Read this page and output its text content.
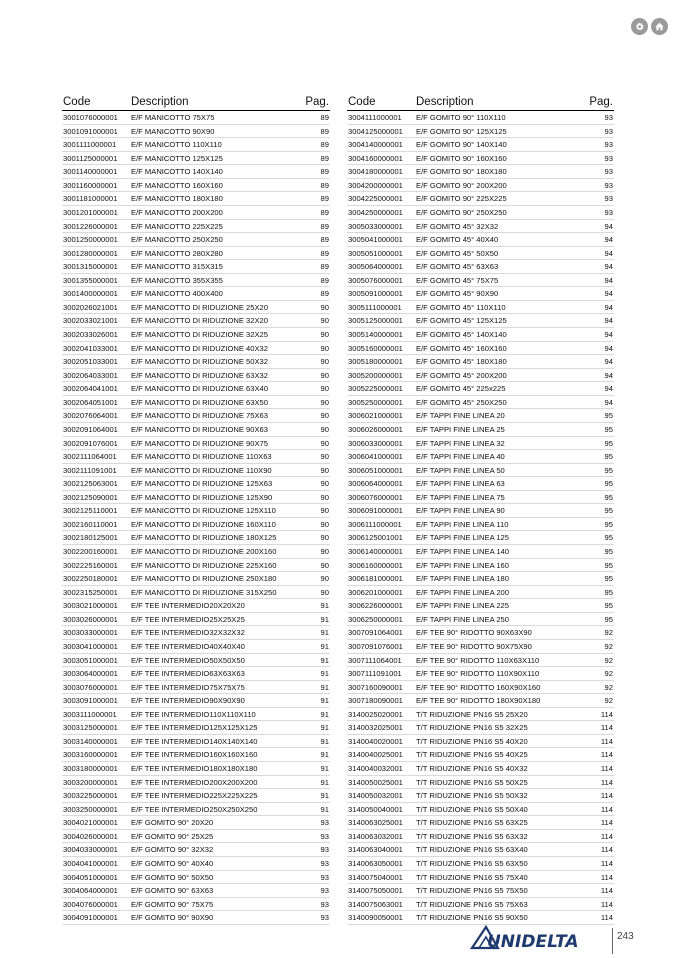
Code	Description	Pag.
3001076000001 E/F MANICOTTO 75X75	89
3001091000001 E/F MANICOTTO 90X90	89
3001111000001 E/F MANICOTTO 110X110	89
3001125000001 E/F MANICOTTO 125X125	89
3001140000001 E/F MANICOTTO 140X140	89
3001160000001 E/F MANICOTTO 160X160	89
3001181000001 E/F MANICOTTO 180X180	89
3001201000001 E/F MANICOTTO 200X200	89
3001226000001 E/F MANICOTTO 225X225	89
3001250000001 E/F MANICOTTO 250X250	89
3001280000001 E/F MANICOTTO 280X280	89
3001315000001 E/F MANICOTTO 315X315	89
3001355000001 E/F MANICOTTO 355X355	89
3001400000001 E/F MANICOTTO 400X400	89
3002026021001 E/F MANICOTTO DI RIDUZIONE 25X20	90
3002033021001 E/F MANICOTTO DI RIDUZIONE 32X20	90
3002033026001 E/F MANICOTTO DI RIDUZIONE 32X25	90
3002041033001 E/F MANICOTTO DI RIDUZIONE 40X32	90
3002051033001 E/F MANICOTTO DI RIDUZIONE 50X32	90
3002064033001 E/F MANICOTTO DI RIDUZIONE 63X32	90
3002064041001 E/F MANICOTTO DI RIDUZIONE 63X40	90
3002064051001 E/F MANICOTTO DI RIDUZIONE 63X50	90
3002076064001 E/F MANICOTTO DI RIDUZIONE 75X63	90
3002091064001 E/F MANICOTTO DI RIDUZIONE 90X63	90
3002091076001 E/F MANICOTTO DI RIDUZIONE 90X75	90
3002111064001 E/F MANICOTTO DI RIDUZIONE 110X63	90
3002111091001 E/F MANICOTTO DI RIDUZIONE 110X90	90
3002125063001 E/F MANICOTTO DI RIDUZIONE 125X63	90
3002125090001 E/F MANICOTTO DI RIDUZIONE 125X90	90
3002125110001 E/F MANICOTTO DI RIDUZIONE 125X110	90
3002160110001 E/F MANICOTTO DI RIDUZIONE 160X110	90
3002180125001 E/F MANICOTTO DI RIDUZIONE 180X125	90
3002200160001 E/F MANICOTTO DI RIDUZIONE 200X160	90
3002225160001 E/F MANICOTTO DI RIDUZIONE 225X160	90
3002250180001 E/F MANICOTTO DI RIDUZIONE 250X180	90
3002315250001 E/F MANICOTTO DI RIDUZIONE 315X250	90
3003021000001 E/F TEE INTERMEDIO20X20X20	91
3003026000001 E/F TEE INTERMEDIO25X25X25	91
3003033000001 E/F TEE INTERMEDIO32X32X32	91
3003041000001 E/F TEE INTERMEDIO40X40X40	91
3003051000001 E/F TEE INTERMEDIO50X50X50	91
3003064000001 E/F TEE INTERMEDIO63X63X63	91
3003076000001 E/F TEE INTERMEDIO75X75X75	91
3003091000001 E/F TEE INTERMEDIO90X90X90	91
3003111000001 E/F TEE INTERMEDIO110X110X110	91
3003125000001 E/F TEE INTERMEDIO125X125X125	91
3003140000001 E/F TEE INTERMEDIO140X140X140	91
3003160000001 E/F TEE INTERMEDIO160X160X160	91
3003180000001 E/F TEE INTERMEDIO180X180X180	91
3003200000001 E/F TEE INTERMEDIO200X200X200	91
3003225000001 E/F TEE INTERMEDIO225X225X225	91
3003250000001 E/F TEE INTERMEDIO250X250X250	91
3004021000001 E/F GOMITO 90° 20X20	93
3004026000001 E/F GOMITO 90° 25X25	93
3004033000001 E/F GOMITO 90° 32X32	93
3004041000001 E/F GOMITO 90° 40X40	93
3004051000001 E/F GOMITO 90° 50X50	93
3004064000001 E/F GOMITO 90° 63X63	93
3004076000001 E/F GOMITO 90° 75X75	93
3004091000001 E/F GOMITO 90° 90X90	93
Code	Description	Pag.
3004111000001 E/F GOMITO 90° 110X110	93
3004125000001 E/F GOMITO 90° 125X125	93
3004140000001 E/F GOMITO 90° 140X140	93
3004160000001 E/F GOMITO 90° 160X160	93
3004180000001 E/F GOMITO 90° 180X180	93
3004200000001 E/F GOMITO 90° 200X200	93
3004225000001 E/F GOMITO 90° 225X225	93
3004250000001 E/F GOMITO 90° 250X250	93
3005033000001 E/F GOMITO 45° 32X32	94
3005041000001 E/F GOMITO 45° 40X40	94
3005051000001 E/F GOMITO 45° 50X50	94
3005064000001 E/F GOMITO 45° 63X63	94
3005076000001 E/F GOMITO 45° 75X75	94
3005091000001 E/F GOMITO 45° 90X90	94
3005111000001 E/F GOMITO 45° 110X110	94
3005125000001 E/F GOMITO 45° 125X125	94
3005140000001 E/F GOMITO 45° 140X140	94
3005160000001 E/F GOMITO 45° 160X160	94
3005180000001 E/F GOMITO 45° 180X180	94
3005200000001 E/F GOMITO 45° 200X200	94
3005225000001 E/F GOMITO 45° 225x225	94
3005250000001 E/F GOMITO 45° 250X250	94
3006021000001 E/F TAPPI FINE LINEA 20	95
3006026000001 E/F TAPPI FINE LINEA 25	95
3006033000001 E/F TAPPI FINE LINEA 32	95
3006041000001 E/F TAPPI FINE LINEA 40	95
3006051000001 E/F TAPPI FINE LINEA 50	95
3006064000001 E/F TAPPI FINE LINEA 63	95
3006076000001 E/F TAPPI FINE LINEA 75	95
3006091000001 E/F TAPPI FINE LINEA 90	95
3006111000001 E/F TAPPI FINE LINEA 110	95
3006125001001 E/F TAPPI FINE LINEA 125	95
3006140000001 E/F TAPPI FINE LINEA 140	95
3006160000001 E/F TAPPI FINE LINEA 160	95
3006181000001 E/F TAPPI FINE LINEA 180	95
3006201000001 E/F TAPPI FINE LINEA 200	95
3006226000001 E/F TAPPI FINE LINEA 225	95
3006250000001 E/F TAPPI FINE LINEA 250	95
3007091064001 E/F TEE 90° RIDOTTO 90X63X90	92
3007091076001 E/F TEE 90° RIDOTTO 90X75X90	92
3007111064001 E/F TEE 90° RIDOTTO 110X63X110	92
3007111091001 E/F TEE 90° RIDOTTO 110X90X110	92
3007160090001 E/F TEE 90° RIDOTTO 160X90X160	92
3007180090001 E/F TEE 90° RIDOTTO 180X90X180	92
3140025020001 T/T RIDUZIONE PN16 S5 25X20	114
3140032025001 T/T RIDUZIONE PN16 S5 32X25	114
3140040020001 T/T RIDUZIONE PN16 S5 40X20	114
3140040025001 T/T RIDUZIONE PN16 S5 40X25	114
3140040032001 T/T RIDUZIONE PN16 S5 40X32	114
3140050025001 T/T RIDUZIONE PN16 S5 50X25	114
3140050032001 T/T RIDUZIONE PN16 S5 50X32	114
3140050040001 T/T RIDUZIONE PN16 S5 50X40	114
3140063025001 T/T RIDUZIONE PN16 S5 63X25	114
3140063032001 T/T RIDUZIONE PN16 S5 63X32	114
3140063040001 T/T RIDUZIONE PN16 S5 63X40	114
3140063050001 T/T RIDUZIONE PN16 S5 63X50	114
3140075040001 T/T RIDUZIONE PN16 S5 75X40	114
3140075050001 T/T RIDUZIONE PN16 S5 75X50	114
3140075063001 T/T RIDUZIONE PN16 S5 75X63	114
3140090050001 T/T RIDUZIONE PN16 S5 90X50	114
UNIDELTA	243
